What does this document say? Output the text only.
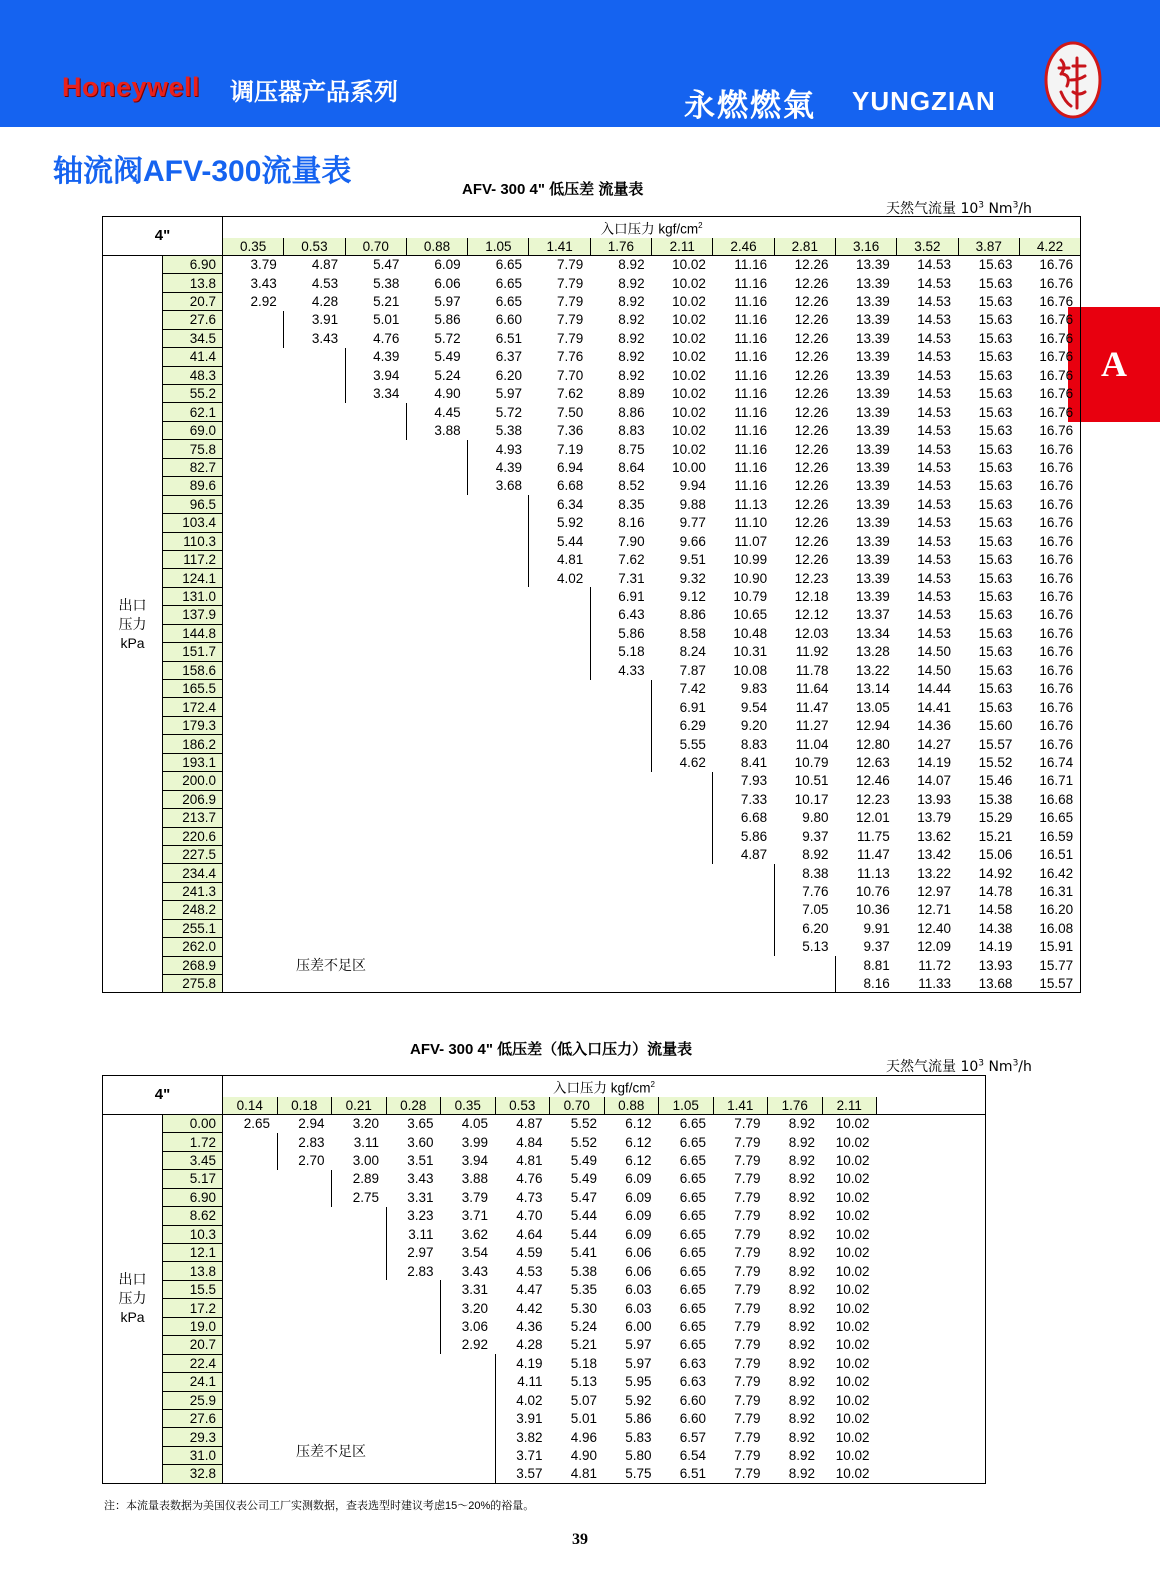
Honeywell 调压器产品系列	永燃燃氣 YUNGZIAN
轴流阀AFV-300流量表
A
AFV- 300 4" 低压差 流量表
天然气流量 $10^3$ Nm$^3$/h
4"		入口压力 kgf/$cm^2$
		0.35	0.53	0.70	0.88	1.05	1.41	1.76	2.11	2.46	2.81	3.16	3.52	3.87	4.22

出口
压力
kPa	6.90	3.79	4.87	5.47	6.09	6.65	7.79	8.92	10.02	11.16	12.26	13.39	14.53	15.63	16.76
	13.8	3.43	4.53	5.38	6.06	6.65	7.79	8.92	10.02	11.16	12.26	13.39	14.53	15.63	16.76
	20.7	2.92	4.28	5.21	5.97	6.65	7.79	8.92	10.02	11.16	12.26	13.39	14.53	15.63	16.76
	27.6		3.91	5.01	5.86	6.60	7.79	8.92	10.02	11.16	12.26	13.39	14.53	15.63	16.76
	34.5		3.43	4.76	5.72	6.51	7.79	8.92	10.02	11.16	12.26	13.39	14.53	15.63	16.76
	41.4			4.39	5.49	6.37	7.76	8.92	10.02	11.16	12.26	13.39	14.53	15.63	16.76
	48.3			3.94	5.24	6.20	7.70	8.92	10.02	11.16	12.26	13.39	14.53	15.63	16.76
	55.2			3.34	4.90	5.97	7.62	8.89	10.02	11.16	12.26	13.39	14.53	15.63	16.76
	62.1				4.45	5.72	7.50	8.86	10.02	11.16	12.26	13.39	14.53	15.63	16.76
	69.0				3.88	5.38	7.36	8.83	10.02	11.16	12.26	13.39	14.53	15.63	16.76
	75.8					4.93	7.19	8.75	10.02	11.16	12.26	13.39	14.53	15.63	16.76
	82.7					4.39	6.94	8.64	10.00	11.16	12.26	13.39	14.53	15.63	16.76
	89.6					3.68	6.68	8.52	9.94	11.16	12.26	13.39	14.53	15.63	16.76
	96.5						6.34	8.35	9.88	11.13	12.26	13.39	14.53	15.63	16.76
	103.4						5.92	8.16	9.77	11.10	12.26	13.39	14.53	15.63	16.76
	110.3						5.44	7.90	9.66	11.07	12.26	13.39	14.53	15.63	16.76
	117.2						4.81	7.62	9.51	10.99	12.26	13.39	14.53	15.63	16.76
	124.1						4.02	7.31	9.32	10.90	12.23	13.39	14.53	15.63	16.76
	131.0							6.91	9.12	10.79	12.18	13.39	14.53	15.63	16.76
	137.9							6.43	8.86	10.65	12.12	13.37	14.53	15.63	16.76
	144.8							5.86	8.58	10.48	12.03	13.34	14.53	15.63	16.76
	151.7							5.18	8.24	10.31	11.92	13.28	14.50	15.63	16.76
	158.6							4.33	7.87	10.08	11.78	13.22	14.50	15.63	16.76
	165.5								7.42	9.83	11.64	13.14	14.44	15.63	16.76
	172.4								6.91	9.54	11.47	13.05	14.41	15.63	16.76
	179.3								6.29	9.20	11.27	12.94	14.36	15.60	16.76
	186.2								5.55	8.83	11.04	12.80	14.27	15.57	16.76
	193.1								4.62	8.41	10.79	12.63	14.19	15.52	16.74
	200.0									7.93	10.51	12.46	14.07	15.46	16.71
	206.9									7.33	10.17	12.23	13.93	15.38	16.68
	213.7									6.68	9.80	12.01	13.79	15.29	16.65
	220.6									5.86	9.37	11.75	13.62	15.21	16.59
	227.5									4.87	8.92	11.47	13.42	15.06	16.51
	234.4										8.38	11.13	13.22	14.92	16.42
	241.3										7.76	10.76	12.97	14.78	16.31
	248.2										7.05	10.36	12.71	14.58	16.20
	255.1										6.20	9.91	12.40	14.38	16.08
	262.0										5.13	9.37	12.09	14.19	15.91
	268.9											8.81	11.72	13.93	15.77
	275.8											8.16	11.33	13.68	15.57
压差不足区
AFV- 300 4" 低压差（低入口压力）流量表
天然气流量 $10^3$ Nm$^3$/h
4"		入口压力 kgf/$cm^2$
		0.14	0.18	0.21	0.28	0.35	0.53	0.70	0.88	1.05	1.41	1.76	2.11		

出口
压力
kPa	0.00	2.65	2.94	3.20	3.65	4.05	4.87	5.52	6.12	6.65	7.79	8.92	10.02		
	1.72		2.83	3.11	3.60	3.99	4.84	5.52	6.12	6.65	7.79	8.92	10.02		
	3.45		2.70	3.00	3.51	3.94	4.81	5.49	6.12	6.65	7.79	8.92	10.02		
	5.17			2.89	3.43	3.88	4.76	5.49	6.09	6.65	7.79	8.92	10.02		
	6.90			2.75	3.31	3.79	4.73	5.47	6.09	6.65	7.79	8.92	10.02		
	8.62				3.23	3.71	4.70	5.44	6.09	6.65	7.79	8.92	10.02		
	10.3				3.11	3.62	4.64	5.44	6.09	6.65	7.79	8.92	10.02		
	12.1				2.97	3.54	4.59	5.41	6.06	6.65	7.79	8.92	10.02		
	13.8				2.83	3.43	4.53	5.38	6.06	6.65	7.79	8.92	10.02		
	15.5					3.31	4.47	5.35	6.03	6.65	7.79	8.92	10.02		
	17.2					3.20	4.42	5.30	6.03	6.65	7.79	8.92	10.02		
	19.0					3.06	4.36	5.24	6.00	6.65	7.79	8.92	10.02		
	20.7					2.92	4.28	5.21	5.97	6.65	7.79	8.92	10.02		
	22.4						4.19	5.18	5.97	6.63	7.79	8.92	10.02		
	24.1						4.11	5.13	5.95	6.63	7.79	8.92	10.02		
	25.9						4.02	5.07	5.92	6.60	7.79	8.92	10.02		
	27.6						3.91	5.01	5.86	6.60	7.79	8.92	10.02		
	29.3						3.82	4.96	5.83	6.57	7.79	8.92	10.02		
	31.0						3.71	4.90	5.80	6.54	7.79	8.92	10.02		
	32.8						3.57	4.81	5.75	6.51	7.79	8.92	10.02		
压差不足区
注：本流量表数据为美国仪表公司工厂实测数据，查表选型时建议考虑15～20%的裕量。
39
